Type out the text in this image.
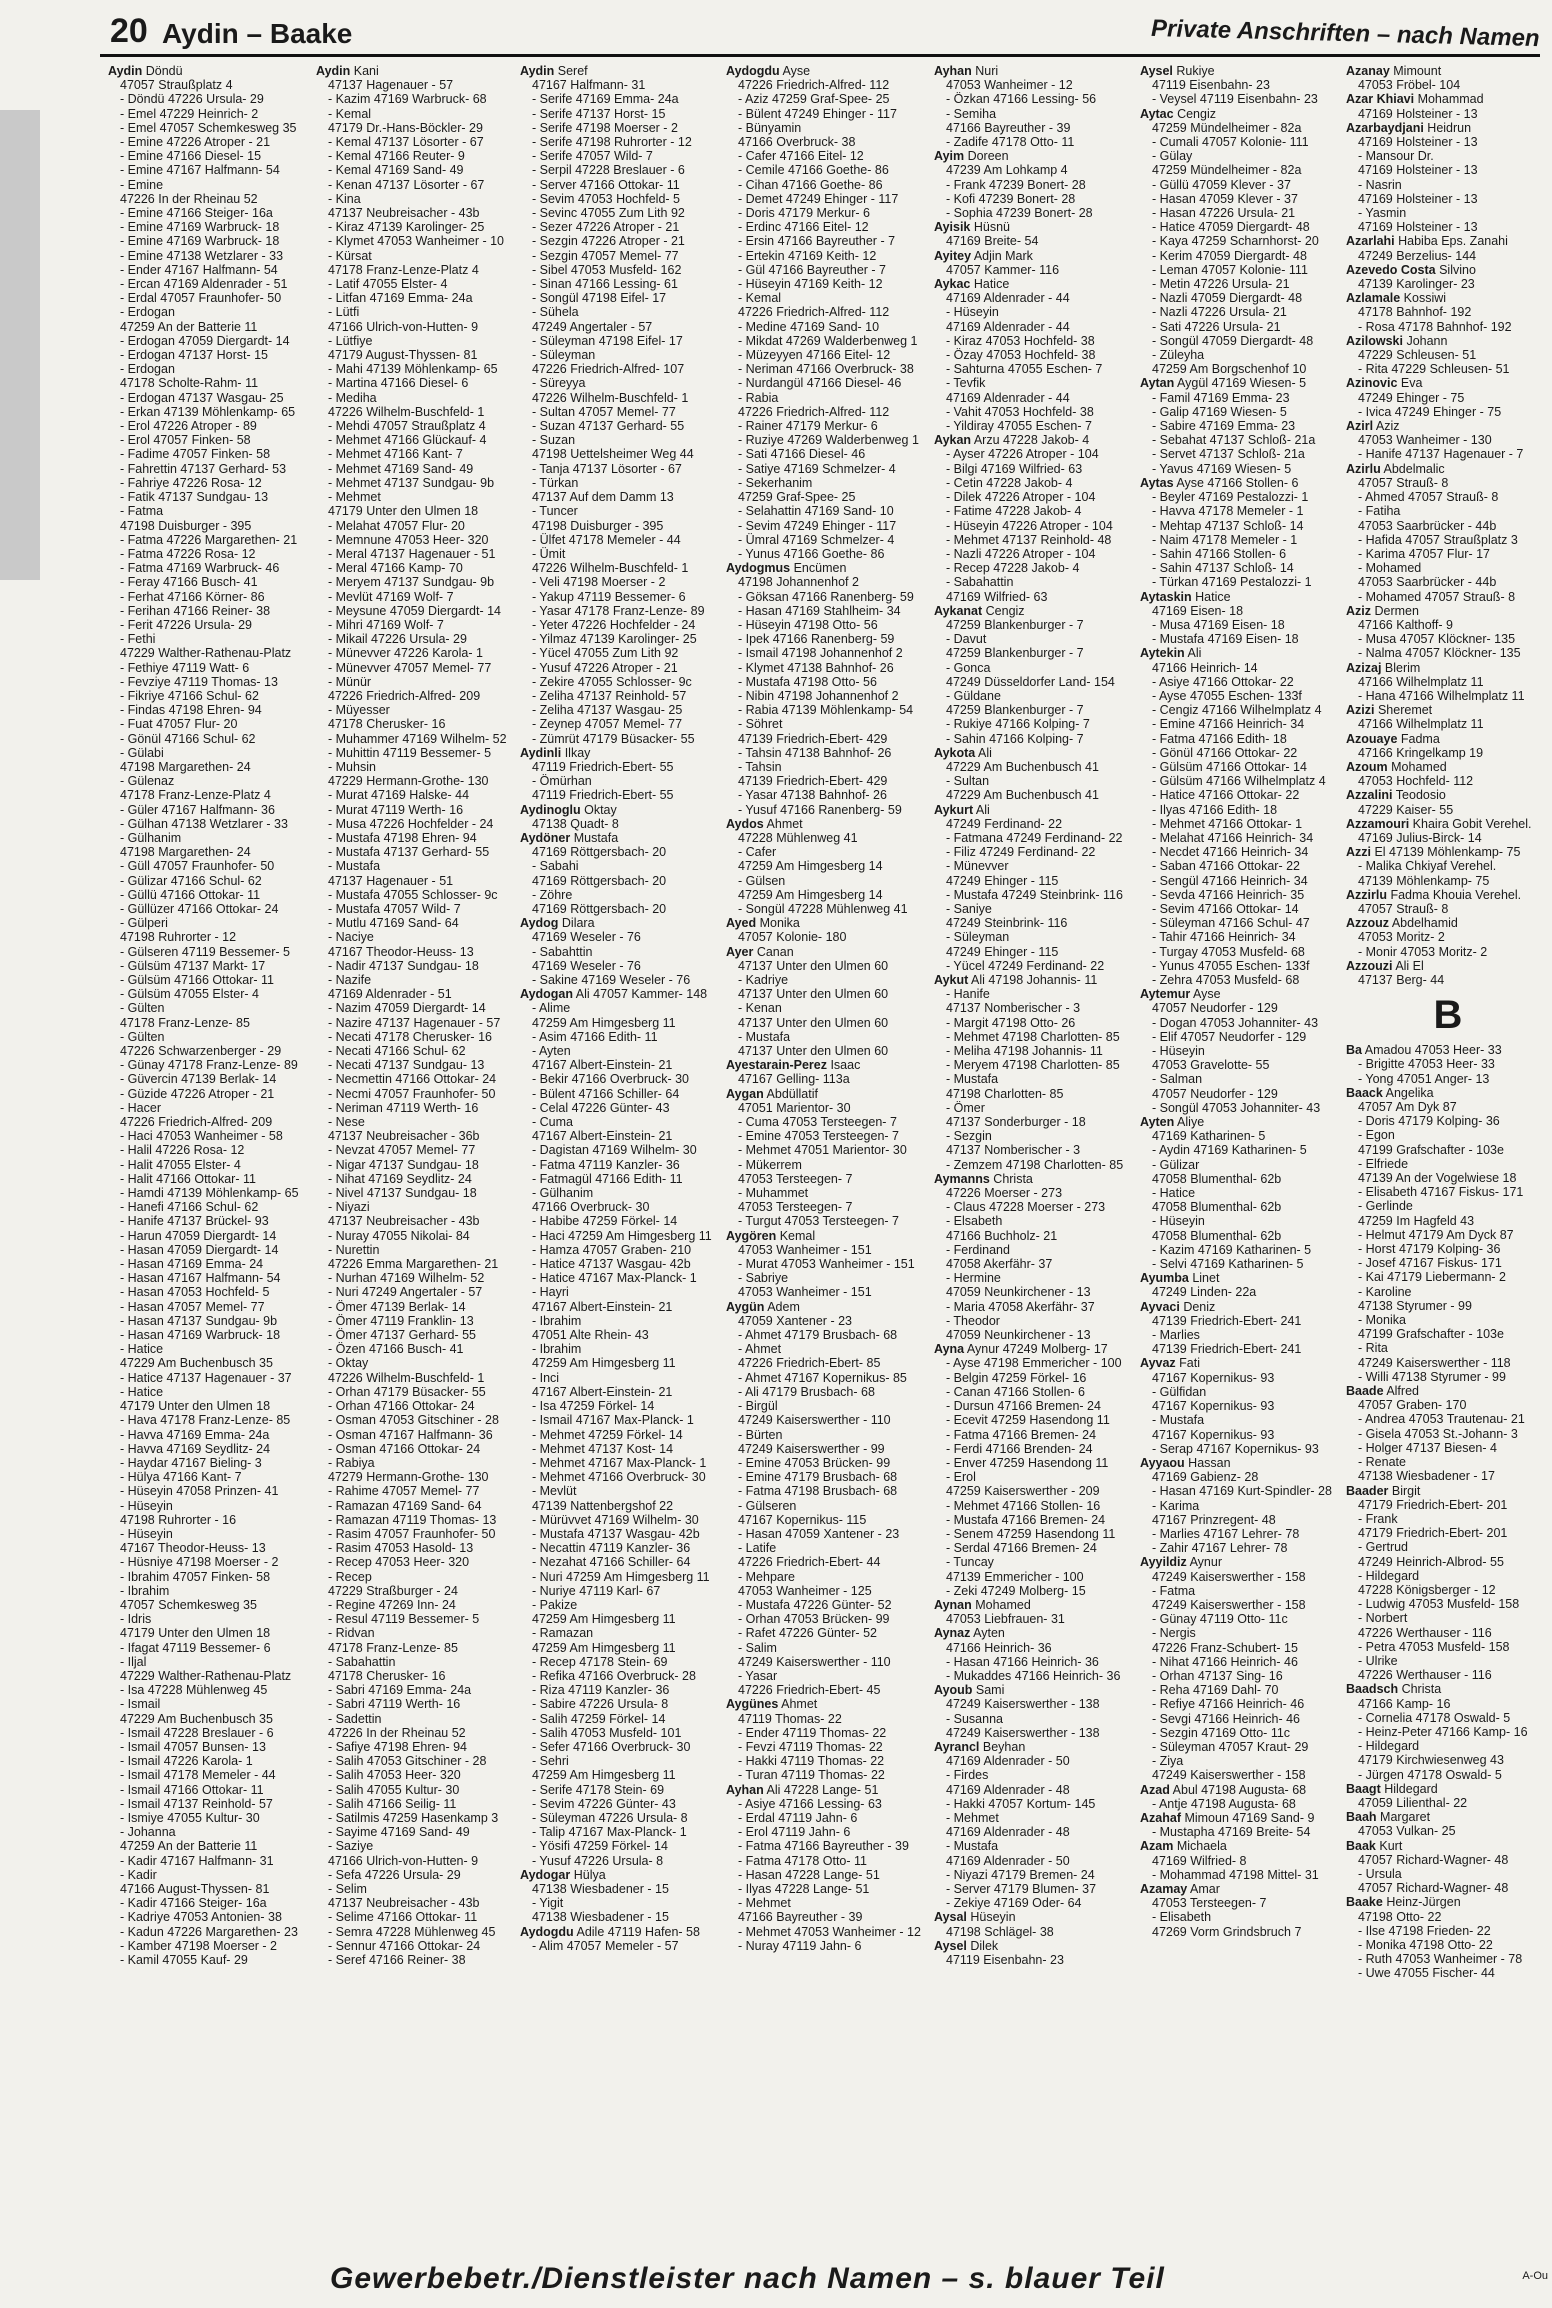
20 Aydin – Baake	Private Anschriften – nach Namen
Aydin Döndü
47057 Straußplatz 4
- Döndü 47226 Ursula- 29
- Emel 47229 Heinrich- 2
- Emel 47057 Schemkesweg 35
- Emine 47226 Atroper - 21
- Emine 47166 Diesel- 15
- Emine 47167 Halfmann- 54
- Emine
47226 In der Rheinau 52
- Emine 47166 Steiger- 16a
- Emine 47169 Warbruck- 18
- Emine 47169 Warbruck- 18
- Emine 47138 Wetzlarer - 33
- Ender 47167 Halfmann- 54
- Ercan 47169 Aldenrader - 51
- Erdal 47057 Fraunhofer- 50
- Erdogan
47259 An der Batterie 11
- Erdogan 47059 Diergardt- 14
- Erdogan 47137 Horst- 15
- Erdogan
47178 Scholte-Rahm- 11
- Erdogan 47137 Wasgau- 25
- Erkan 47139 Möhlenkamp- 65
- Erol 47226 Atroper - 89
- Erol 47057 Finken- 58
- Fadime 47057 Finken- 58
- Fahrettin 47137 Gerhard- 53
- Fahriye 47226 Rosa- 12
- Fatik 47137 Sundgau- 13
- Fatma
47198 Duisburger - 395
- Fatma 47226 Margarethen- 21
- Fatma 47226 Rosa- 12
- Fatma 47169 Warbruck- 46
- Feray 47166 Busch- 41
- Ferhat 47166 Körner- 86
- Ferihan 47166 Reiner- 38
- Ferit 47226 Ursula- 29
- Fethi
47229 Walther-Rathenau-Platz
- Fethiye 47119 Watt- 6
- Fevziye 47119 Thomas- 13
- Fikriye 47166 Schul- 62
- Findas 47198 Ehren- 94
- Fuat 47057 Flur- 20
- Gönül 47166 Schul- 62
- Gülabi
47198 Margarethen- 24
- Gülenaz
47178 Franz-Lenze-Platz 4
- Güler 47167 Halfmann- 36
- Gülhan 47138 Wetzlarer - 33
- Gülhanim
47198 Margarethen- 24
- Güll 47057 Fraunhofer- 50
- Gülizar 47166 Schul- 62
- Güllü 47166 Ottokar- 11
- Güllüzer 47166 Ottokar- 24
- Gülperi
47198 Ruhrorter - 12
- Gülseren 47119 Bessemer- 5
- Gülsüm 47137 Markt- 17
- Gülsüm 47166 Ottokar- 11
- Gülsüm 47055 Elster- 4
- Gülten
47178 Franz-Lenze- 85
- Gülten
47226 Schwarzenberger - 29
- Günay 47178 Franz-Lenze- 89
- Güvercin 47139 Berlak- 14
- Güzide 47226 Atroper - 21
- Hacer
47226 Friedrich-Alfred- 209
- Haci 47053 Wanheimer - 58
- Halil 47226 Rosa- 12
- Halit 47055 Elster- 4
- Halit 47166 Ottokar- 11
- Hamdi 47139 Möhlenkamp- 65
- Hanefi 47166 Schul- 62
- Hanife 47137 Brückel- 93
- Harun 47059 Diergardt- 14
- Hasan 47059 Diergardt- 14
- Hasan 47169 Emma- 24
- Hasan 47167 Halfmann- 54
- Hasan 47053 Hochfeld- 5
- Hasan 47057 Memel- 77
- Hasan 47137 Sundgau- 9b
- Hasan 47169 Warbruck- 18
- Hatice
47229 Am Buchenbusch 35
- Hatice 47137 Hagenauer - 37
- Hatice
47179 Unter den Ulmen 18
- Hava 47178 Franz-Lenze- 85
- Havva 47169 Emma- 24a
- Havva 47169 Seydlitz- 24
- Haydar 47167 Bieling- 3
- Hülya 47166 Kant- 7
- Hüseyin 47058 Prinzen- 41
- Hüseyin
47198 Ruhrorter - 16
- Hüseyin
47167 Theodor-Heuss- 13
- Hüsniye 47198 Moerser - 2
- Ibrahim 47057 Finken- 58
- Ibrahim
47057 Schemkesweg 35
- Idris
47179 Unter den Ulmen 18
- Ifagat 47119 Bessemer- 6
- Iljal
47229 Walther-Rathenau-Platz
- Isa 47228 Mühlenweg 45
- Ismail
47229 Am Buchenbusch 35
- Ismail 47228 Breslauer - 6
- Ismail 47057 Bunsen- 13
- Ismail 47226 Karola- 1
- Ismail 47178 Memeler - 44
- Ismail 47166 Ottokar- 11
- Ismail 47137 Reinhold- 57
- Ismiye 47055 Kultur- 30
- Johanna
47259 An der Batterie 11
- Kadir 47167 Halfmann- 31
- Kadir
47166 August-Thyssen- 81
- Kadir 47166 Steiger- 16a
- Kadriye 47053 Antonien- 38
- Kadun 47226 Margarethen- 23
- Kamber 47198 Moerser - 2
- Kamil 47055 Kauf- 29
Aydin Kani
47137 Hagenauer - 57
- Kazim 47169 Warbruck- 68
- Kemal
47179 Dr.-Hans-Böckler- 29
- Kemal 47137 Lösorter - 67
- Kemal 47166 Reuter- 9
- Kemal 47169 Sand- 49
- Kenan 47137 Lösorter - 67
- Kina
47137 Neubreisacher - 43b
- Kiraz 47139 Karolinger- 25
- Klymet 47053 Wanheimer - 10
- Kürsat
47178 Franz-Lenze-Platz 4
- Latif 47055 Elster- 4
- Litfan 47169 Emma- 24a
- Lütfi
47166 Ulrich-von-Hutten- 9
- Lütfiye
47179 August-Thyssen- 81
- Mahi 47139 Möhlenkamp- 65
- Martina 47166 Diesel- 6
- Mediha
47226 Wilhelm-Buschfeld- 1
- Mehdi 47057 Straußplatz 4
- Mehmet 47166 Glückauf- 4
- Mehmet 47166 Kant- 7
- Mehmet 47169 Sand- 49
- Mehmet 47137 Sundgau- 9b
- Mehmet
47179 Unter den Ulmen 18
- Melahat 47057 Flur- 20
- Memnune 47053 Heer- 320
- Meral 47137 Hagenauer - 51
- Meral 47166 Kamp- 70
- Meryem 47137 Sundgau- 9b
- Mevlüt 47169 Wolf- 7
- Meysune 47059 Diergardt- 14
- Mihri 47169 Wolf- 7
- Mikail 47226 Ursula- 29
- Münevver 47226 Karola- 1
- Münevver 47057 Memel- 77
- Münür
47226 Friedrich-Alfred- 209
- Müyesser
47178 Cherusker- 16
- Muhammer 47169 Wilhelm- 52
- Muhittin 47119 Bessemer- 5
- Muhsin
47229 Hermann-Grothe- 130
- Murat 47169 Halske- 44
- Murat 47119 Werth- 16
- Musa 47226 Hochfelder - 24
- Mustafa 47198 Ehren- 94
- Mustafa 47137 Gerhard- 55
- Mustafa
47137 Hagenauer - 51
- Mustafa 47055 Schlosser- 9c
- Mustafa 47057 Wild- 7
- Mutlu 47169 Sand- 64
- Naciye
47167 Theodor-Heuss- 13
- Nadir 47137 Sundgau- 18
- Nazife
47169 Aldenrader - 51
- Nazim 47059 Diergardt- 14
- Nazire 47137 Hagenauer - 57
- Necati 47178 Cherusker- 16
- Necati 47166 Schul- 62
- Necati 47137 Sundgau- 13
- Necmettin 47166 Ottokar- 24
- Necmi 47057 Fraunhofer- 50
- Neriman 47119 Werth- 16
- Nese
47137 Neubreisacher - 36b
- Nevzat 47057 Memel- 77
- Nigar 47137 Sundgau- 18
- Nihat 47169 Seydlitz- 24
- Nivel 47137 Sundgau- 18
- Niyazi
47137 Neubreisacher - 43b
- Nuray 47055 Nikolai- 84
- Nurettin
47226 Emma Margarethen- 21
- Nurhan 47169 Wilhelm- 52
- Nuri 47249 Angertaler - 57
- Ömer 47139 Berlak- 14
- Ömer 47119 Franklin- 13
- Ömer 47137 Gerhard- 55
- Özen 47166 Busch- 41
- Oktay
47226 Wilhelm-Buschfeld- 1
- Orhan 47179 Büsacker- 55
- Orhan 47166 Ottokar- 24
- Osman 47053 Gitschiner - 28
- Osman 47167 Halfmann- 36
- Osman 47166 Ottokar- 24
- Rabiya
47279 Hermann-Grothe- 130
- Rahime 47057 Memel- 77
- Ramazan 47169 Sand- 64
- Ramazan 47119 Thomas- 13
- Rasim 47057 Fraunhofer- 50
- Rasim 47053 Hasold- 13
- Recep 47053 Heer- 320
- Recep
47229 Straßburger - 24
- Regine 47269 Inn- 24
- Resul 47119 Bessemer- 5
- Ridvan
47178 Franz-Lenze- 85
- Sabahattin
47178 Cherusker- 16
- Sabri 47169 Emma- 24a
- Sabri 47119 Werth- 16
- Sadettin
47226 In der Rheinau 52
- Safiye 47198 Ehren- 94
- Salih 47053 Gitschiner - 28
- Salih 47053 Heer- 320
- Salih 47055 Kultur- 30
- Salih 47166 Seilig- 11
- Satilmis 47259 Hasenkamp 3
- Sayime 47169 Sand- 49
- Saziye
47166 Ulrich-von-Hutten- 9
- Sefa 47226 Ursula- 29
- Selim
47137 Neubreisacher - 43b
- Selime 47166 Ottokar- 11
- Semra 47228 Mühlenweg 45
- Sennur 47166 Ottokar- 24
- Seref 47166 Reiner- 38
Aydin Seref
47167 Halfmann- 31
- Serife 47169 Emma- 24a
- Serife 47137 Horst- 15
- Serife 47198 Moerser - 2
- Serife 47198 Ruhrorter - 12
- Serife 47057 Wild- 7
- Serpil 47228 Breslauer - 6
- Server 47166 Ottokar- 11
- Sevim 47053 Hochfeld- 5
- Sevinc 47055 Zum Lith 92
- Sezer 47226 Atroper - 21
- Sezgin 47226 Atroper - 21
- Sezgin 47057 Memel- 77
- Sibel 47053 Musfeld- 162
- Sinan 47166 Lessing- 61
- Songül 47198 Eifel- 17
- Sühela
47249 Angertaler - 57
- Süleyman 47198 Eifel- 17
- Süleyman
47226 Friedrich-Alfred- 107
- Süreyya
47226 Wilhelm-Buschfeld- 1
- Sultan 47057 Memel- 77
- Suzan 47137 Gerhard- 55
- Suzan
47198 Uettelsheimer Weg 44
- Tanja 47137 Lösorter - 67
- Türkan
47137 Auf dem Damm 13
- Tuncer
47198 Duisburger - 395
- Ülfet 47178 Memeler - 44
- Ümit
47226 Wilhelm-Buschfeld- 1
- Veli 47198 Moerser - 2
- Yakup 47119 Bessemer- 6
- Yasar 47178 Franz-Lenze- 89
- Yeter 47226 Hochfelder - 24
- Yilmaz 47139 Karolinger- 25
- Yücel 47055 Zum Lith 92
- Yusuf 47226 Atroper - 21
- Zekire 47055 Schlosser- 9c
- Zeliha 47137 Reinhold- 57
- Zeliha 47137 Wasgau- 25
- Zeynep 47057 Memel- 77
- Zümrüt 47179 Büsacker- 55
Aydinli Ilkay
47119 Friedrich-Ebert- 55
- Ömürhan
47119 Friedrich-Ebert- 55
Aydinoglu Oktay
47138 Quadt- 8
Aydöner Mustafa
47169 Röttgersbach- 20
- Sabahi
47169 Röttgersbach- 20
- Zöhre
47169 Röttgersbach- 20
Aydog Dilara
47169 Weseler - 76
- Sabahttin
47169 Weseler - 76
- Sakine 47169 Weseler - 76
Aydogan Ali 47057 Kammer- 148
- Alime
47259 Am Himgesberg 11
- Asim 47166 Edith- 11
- Ayten
47167 Albert-Einstein- 21
- Bekir 47166 Overbruck- 30
- Bülent 47166 Schiller- 64
- Celal 47226 Günter- 43
- Cuma
47167 Albert-Einstein- 21
- Dagistan 47169 Wilhelm- 30
- Fatma 47119 Kanzler- 36
- Fatmagül 47166 Edith- 11
- Gülhanim
47166 Overbruck- 30
- Habibe 47259 Förkel- 14
- Haci 47259 Am Himgesberg 11
- Hamza 47057 Graben- 210
- Hatice 47137 Wasgau- 42b
- Hatice 47167 Max-Planck- 1
- Hayri
47167 Albert-Einstein- 21
- Ibrahim
47051 Alte Rhein- 43
- Ibrahim
47259 Am Himgesberg 11
- Inci
47167 Albert-Einstein- 21
- Isa 47259 Förkel- 14
- Ismail 47167 Max-Planck- 1
- Mehmet 47259 Förkel- 14
- Mehmet 47137 Kost- 14
- Mehmet 47167 Max-Planck- 1
- Mehmet 47166 Overbruck- 30
- Mevlüt
47139 Nattenbergshof 22
- Mürüvvet 47169 Wilhelm- 30
- Mustafa 47137 Wasgau- 42b
- Necattin 47119 Kanzler- 36
- Nezahat 47166 Schiller- 64
- Nuri 47259 Am Himgesberg 11
- Nuriye 47119 Karl- 67
- Pakize
47259 Am Himgesberg 11
- Ramazan
47259 Am Himgesberg 11
- Recep 47178 Stein- 69
- Refika 47166 Overbruck- 28
- Riza 47119 Kanzler- 36
- Sabire 47226 Ursula- 8
- Salih 47259 Förkel- 14
- Salih 47053 Musfeld- 101
- Sefer 47166 Overbruck- 30
- Sehri
47259 Am Himgesberg 11
- Serife 47178 Stein- 69
- Sevim 47226 Günter- 43
- Süleyman 47226 Ursula- 8
- Talip 47167 Max-Planck- 1
- Yösifi 47259 Förkel- 14
- Yusuf 47226 Ursula- 8
Aydogar Hülya
47138 Wiesbadener - 15
- Yigit
47138 Wiesbadener - 15
Aydogdu Adile 47119 Hafen- 58
- Alim 47057 Memeler - 57
Aydogdu Ayse
47226 Friedrich-Alfred- 112
- Aziz 47259 Graf-Spee- 25
- Bülent 47249 Ehinger - 117
- Bünyamin
47166 Overbruck- 38
- Cafer 47166 Eitel- 12
- Cemile 47166 Goethe- 86
- Cihan 47166 Goethe- 86
- Demet 47249 Ehinger - 117
- Doris 47179 Merkur- 6
- Erdinc 47166 Eitel- 12
- Ersin 47166 Bayreuther - 7
- Ertekin 47169 Keith- 12
- Gül 47166 Bayreuther - 7
- Hüseyin 47169 Keith- 12
- Kemal
47226 Friedrich-Alfred- 112
- Medine 47169 Sand- 10
- Mikdat 47269 Walderbenweg 1
- Müzeyyen 47166 Eitel- 12
- Neriman 47166 Overbruck- 38
- Nurdangül 47166 Diesel- 46
- Rabia
47226 Friedrich-Alfred- 112
- Rainer 47179 Merkur- 6
- Ruziye 47269 Walderbenweg 1
- Sati 47166 Diesel- 46
- Satiye 47169 Schmelzer- 4
- Sekerhanim
47259 Graf-Spee- 25
- Selahattin 47169 Sand- 10
- Sevim 47249 Ehinger - 117
- Ümral 47169 Schmelzer- 4
- Yunus 47166 Goethe- 86
Aydogmus Encümen
47198 Johannenhof 2
- Göksan 47166 Ranenberg- 59
- Hasan 47169 Stahlheim- 34
- Hüseyin 47198 Otto- 56
- Ipek 47166 Ranenberg- 59
- Ismail 47198 Johannenhof 2
- Klymet 47138 Bahnhof- 26
- Mustafa 47198 Otto- 56
- Nibin 47198 Johannenhof 2
- Rabia 47139 Möhlenkamp- 54
- Söhret
47139 Friedrich-Ebert- 429
- Tahsin 47138 Bahnhof- 26
- Tahsin
47139 Friedrich-Ebert- 429
- Yasar 47138 Bahnhof- 26
- Yusuf 47166 Ranenberg- 59
Aydos Ahmet
47228 Mühlenweg 41
- Cafer
47259 Am Himgesberg 14
- Gülsen
47259 Am Himgesberg 14
- Songül 47228 Mühlenweg 41
Ayed Monika
47057 Kolonie- 180
Ayer Canan
47137 Unter den Ulmen 60
- Kadriye
47137 Unter den Ulmen 60
- Kenan
47137 Unter den Ulmen 60
- Mustafa
47137 Unter den Ulmen 60
Ayestarain-Perez Isaac
47167 Gelling- 113a
Aygan Abdüllatif
47051 Marientor- 30
- Cuma 47053 Tersteegen- 7
- Emine 47053 Tersteegen- 7
- Mehmet 47051 Marientor- 30
- Mükerrem
47053 Tersteegen- 7
- Muhammet
47053 Tersteegen- 7
- Turgut 47053 Tersteegen- 7
Aygören Kemal
47053 Wanheimer - 151
- Murat 47053 Wanheimer - 151
- Sabriye
47053 Wanheimer - 151
Aygün Adem
47059 Xantener - 23
- Ahmet 47179 Brusbach- 68
- Ahmet
47226 Friedrich-Ebert- 85
- Ahmet 47167 Kopernikus- 85
- Ali 47179 Brusbach- 68
- Birgül
47249 Kaiserswerther - 110
- Bürten
47249 Kaiserswerther - 99
- Emine 47053 Brücken- 99
- Emine 47179 Brusbach- 68
- Fatma 47198 Brusbach- 68
- Gülseren
47167 Kopernikus- 115
- Hasan 47059 Xantener - 23
- Latife
47226 Friedrich-Ebert- 44
- Mehpare
47053 Wanheimer - 125
- Mustafa 47226 Günter- 52
- Orhan 47053 Brücken- 99
- Rafet 47226 Günter- 52
- Salim
47249 Kaiserswerther - 110
- Yasar
47226 Friedrich-Ebert- 45
Aygünes Ahmet
47119 Thomas- 22
- Ender 47119 Thomas- 22
- Fevzi 47119 Thomas- 22
- Hakki 47119 Thomas- 22
- Turan 47119 Thomas- 22
Ayhan Ali 47228 Lange- 51
- Asiye 47166 Lessing- 63
- Erdal 47119 Jahn- 6
- Erol 47119 Jahn- 6
- Fatma 47166 Bayreuther - 39
- Fatma 47178 Otto- 11
- Hasan 47228 Lange- 51
- Ilyas 47228 Lange- 51
- Mehmet
47166 Bayreuther - 39
- Mehmet 47053 Wanheimer - 12
- Nuray 47119 Jahn- 6
Ayhan Nuri
47053 Wanheimer - 12
- Özkan 47166 Lessing- 56
- Semiha
47166 Bayreuther - 39
- Zadife 47178 Otto- 11
Ayim Doreen
47239 Am Lohkamp 4
- Frank 47239 Bonert- 28
- Kofi 47239 Bonert- 28
- Sophia 47239 Bonert- 28
Ayisik Hüsnü
47169 Breite- 54
Ayitey Adjin Mark
47057 Kammer- 116
Aykac Hatice
47169 Aldenrader - 44
- Hüseyin
47169 Aldenrader - 44
- Kiraz 47053 Hochfeld- 38
- Özay 47053 Hochfeld- 38
- Sahturna 47055 Eschen- 7
- Tevfik
47169 Aldenrader - 44
- Vahit 47053 Hochfeld- 38
- Yildiray 47055 Eschen- 7
Aykan Arzu 47228 Jakob- 4
- Ayser 47226 Atroper - 104
- Bilgi 47169 Wilfried- 63
- Cetin 47228 Jakob- 4
- Dilek 47226 Atroper - 104
- Fatime 47228 Jakob- 4
- Hüseyin 47226 Atroper - 104
- Mehmet 47137 Reinhold- 48
- Nazli 47226 Atroper - 104
- Recep 47228 Jakob- 4
- Sabahattin
47169 Wilfried- 63
Aykanat Cengiz
47259 Blankenburger - 7
- Davut
47259 Blankenburger - 7
- Gonca
47249 Düsseldorfer Land- 154
- Güldane
47259 Blankenburger - 7
- Rukiye 47166 Kolping- 7
- Sahin 47166 Kolping- 7
Aykota Ali
47229 Am Buchenbusch 41
- Sultan
47229 Am Buchenbusch 41
Aykurt Ali
47249 Ferdinand- 22
- Fatmana 47249 Ferdinand- 22
- Filiz 47249 Ferdinand- 22
- Münevver
47249 Ehinger - 115
- Mustafa 47249 Steinbrink- 116
- Saniye
47249 Steinbrink- 116
- Süleyman
47249 Ehinger - 115
- Yücel 47249 Ferdinand- 22
Aykut Ali 47198 Johannis- 11
- Hanife
47137 Nomberischer - 3
- Margit 47198 Otto- 26
- Mehmet 47198 Charlotten- 85
- Meliha 47198 Johannis- 11
- Meryem 47198 Charlotten- 85
- Mustafa
47198 Charlotten- 85
- Ömer
47137 Sonderburger - 18
- Sezgin
47137 Nomberischer - 3
- Zemzem 47198 Charlotten- 85
Aymanns Christa
47226 Moerser - 273
- Claus 47228 Moerser - 273
- Elsabeth
47166 Buchholz- 21
- Ferdinand
47058 Akerfähr- 37
- Hermine
47059 Neunkirchener - 13
- Maria 47058 Akerfähr- 37
- Theodor
47059 Neunkirchener - 13
Ayna Aynur 47249 Molberg- 17
- Ayse 47198 Emmericher - 100
- Belgin 47259 Förkel- 16
- Canan 47166 Stollen- 6
- Dursun 47166 Bremen- 24
- Ecevit 47259 Hasendong 11
- Fatma 47166 Bremen- 24
- Ferdi 47166 Brenden- 24
- Enver 47259 Hasendong 11
- Erol
47259 Kaiserswerther - 209
- Mehmet 47166 Stollen- 16
- Mustafa 47166 Bremen- 24
- Senem 47259 Hasendong 11
- Serdal 47166 Bremen- 24
- Tuncay
47139 Emmericher - 100
- Zeki 47249 Molberg- 15
Aynan Mohamed
47053 Liebfrauen- 31
Aynaz Ayten
47166 Heinrich- 36
- Hasan 47166 Heinrich- 36
- Mukaddes 47166 Heinrich- 36
Ayoub Sami
47249 Kaiserswerther - 138
- Susanna
47249 Kaiserswerther - 138
Ayrancl Beyhan
47169 Aldenrader - 50
- Firdes
47169 Aldenrader - 48
- Hakki 47057 Kortum- 145
- Mehmet
47169 Aldenrader - 48
- Mustafa
47169 Aldenrader - 50
- Niyazi 47179 Bremen- 24
- Server 47179 Blumen- 37
- Zekiye 47169 Oder- 64
Aysal Hüseyin
47198 Schlägel- 38
Aysel Dilek
47119 Eisenbahn- 23
Aysel Rukiye
47119 Eisenbahn- 23
- Veysel 47119 Eisenbahn- 23
Aytac Cengiz
47259 Mündelheimer - 82a
- Cumali 47057 Kolonie- 111
- Gülay
47259 Mündelheimer - 82a
- Güllü 47059 Klever - 37
- Hasan 47059 Klever - 37
- Hasan 47226 Ursula- 21
- Hatice 47059 Diergardt- 48
- Kaya 47259 Scharnhorst- 20
- Kerim 47059 Diergardt- 48
- Leman 47057 Kolonie- 111
- Metin 47226 Ursula- 21
- Nazli 47059 Diergardt- 48
- Nazli 47226 Ursula- 21
- Sati 47226 Ursula- 21
- Songül 47059 Diergardt- 48
- Züleyha
47259 Am Borgschenhof 10
Aytan Aygül 47169 Wiesen- 5
- Famil 47169 Emma- 23
- Galip 47169 Wiesen- 5
- Sabire 47169 Emma- 23
- Sebahat 47137 Schloß- 21a
- Servet 47137 Schloß- 21a
- Yavus 47169 Wiesen- 5
Aytas Ayse 47166 Stollen- 6
- Beyler 47169 Pestalozzi- 1
- Havva 47178 Memeler - 1
- Mehtap 47137 Schloß- 14
- Naim 47178 Memeler - 1
- Sahin 47166 Stollen- 6
- Sahin 47137 Schloß- 14
- Türkan 47169 Pestalozzi- 1
Aytaskin Hatice
47169 Eisen- 18
- Musa 47169 Eisen- 18
- Mustafa 47169 Eisen- 18
Aytekin Ali
47166 Heinrich- 14
- Asiye 47166 Ottokar- 22
- Ayse 47055 Eschen- 133f
- Cengiz 47166 Wilhelmplatz 4
- Emine 47166 Heinrich- 34
- Fatma 47166 Edith- 18
- Gönül 47166 Ottokar- 22
- Gülsüm 47166 Ottokar- 14
- Gülsüm 47166 Wilhelmplatz 4
- Hatice 47166 Ottokar- 22
- Ilyas 47166 Edith- 18
- Mehmet 47166 Ottokar- 1
- Melahat 47166 Heinrich- 34
- Necdet 47166 Heinrich- 34
- Saban 47166 Ottokar- 22
- Sengül 47166 Heinrich- 34
- Sevda 47166 Heinrich- 35
- Sevim 47166 Ottokar- 14
- Süleyman 47166 Schul- 47
- Tahir 47166 Heinrich- 34
- Turgay 47053 Musfeld- 68
- Yunus 47055 Eschen- 133f
- Zehra 47053 Musfeld- 68
Aytemur Ayse
47057 Neudorfer - 129
- Dogan 47053 Johanniter- 43
- Elif 47057 Neudorfer - 129
- Hüseyin
47053 Gravelotte- 55
- Salman
47057 Neudorfer - 129
- Songül 47053 Johanniter- 43
Ayten Aliye
47169 Katharinen- 5
- Aydin 47169 Katharinen- 5
- Gülizar
47058 Blumenthal- 62b
- Hatice
47058 Blumenthal- 62b
- Hüseyin
47058 Blumenthal- 62b
- Kazim 47169 Katharinen- 5
- Selvi 47169 Katharinen- 5
Ayumba Linet
47249 Linden- 22a
Ayvaci Deniz
47139 Friedrich-Ebert- 241
- Marlies
47139 Friedrich-Ebert- 241
Ayvaz Fati
47167 Kopernikus- 93
- Gülfidan
47167 Kopernikus- 93
- Mustafa
47167 Kopernikus- 93
- Serap 47167 Kopernikus- 93
Ayyaou Hassan
47169 Gabienz- 28
- Hasan 47169 Kurt-Spindler- 28
- Karima
47167 Prinzregent- 48
- Marlies 47167 Lehrer- 78
- Zahir 47167 Lehrer- 78
Ayyildiz Aynur
47249 Kaiserswerther - 158
- Fatma
47249 Kaiserswerther - 158
- Günay 47119 Otto- 11c
- Nergis
47226 Franz-Schubert- 15
- Nihat 47166 Heinrich- 46
- Orhan 47137 Sing- 16
- Reha 47169 Dahl- 70
- Refiye 47166 Heinrich- 46
- Sevgi 47166 Heinrich- 46
- Sezgin 47169 Otto- 11c
- Süleyman 47057 Kraut- 29
- Ziya
47249 Kaiserswerther - 158
Azad Abul 47198 Augusta- 68
- Antje 47198 Augusta- 68
Azahaf Mimoun 47169 Sand- 9
- Mustapha 47169 Breite- 54
Azam Michaela
47169 Wilfried- 8
- Mohammad 47198 Mittel- 31
Azamay Amar
47053 Tersteegen- 7
- Elisabeth
47269 Vorm Grindsbruch 7
Azanay Mimount
47053 Fröbel- 104
Azar Khiavi Mohammad
47169 Holsteiner - 13
Azarbaydjani Heidrun
47169 Holsteiner - 13
- Mansour Dr.
47169 Holsteiner - 13
- Nasrin
47169 Holsteiner - 13
- Yasmin
47169 Holsteiner - 13
Azarlahi Habiba Eps. Zanahi
47249 Berzelius- 144
Azevedo Costa Silvino
47139 Karolinger- 23
Azlamale Kossiwi
47178 Bahnhof- 192
- Rosa 47178 Bahnhof- 192
Azilowski Johann
47229 Schleusen- 51
- Rita 47229 Schleusen- 51
Azinovic Eva
47249 Ehinger - 75
- Ivica 47249 Ehinger - 75
Azirl Aziz
47053 Wanheimer - 130
- Hanife 47137 Hagenauer - 7
Azirlu Abdelmalic
47057 Strauß- 8
- Ahmed 47057 Strauß- 8
- Fatiha
47053 Saarbrücker - 44b
- Hafida 47057 Straußplatz 3
- Karima 47057 Flur- 17
- Mohamed
47053 Saarbrücker - 44b
- Mohamed 47057 Strauß- 8
Aziz Dermen
47166 Kalthoff- 9
- Musa 47057 Klöckner- 135
- Nalma 47057 Klöckner- 135
Azizaj Blerim
47166 Wilhelmplatz 11
- Hana 47166 Wilhelmplatz 11
Azizi Sheremet
47166 Wilhelmplatz 11
Azouaye Fadma
47166 Kringelkamp 19
Azoum Mohamed
47053 Hochfeld- 112
Azzalini Teodosio
47229 Kaiser- 55
Azzamouri Khaira Gobit Verehel.
47169 Julius-Birck- 14
Azzi El 47139 Möhlenkamp- 75
- Malika Chkiyaf Verehel.
47139 Möhlenkamp- 75
Azzirlu Fadma Khouia Verehel.
47057 Strauß- 8
Azzouz Abdelhamid
47053 Moritz- 2
- Monir 47053 Moritz- 2
Azzouzi Ali El
47137 Berg- 44
B
Ba Amadou 47053 Heer- 33
- Brigitte 47053 Heer- 33
- Yong 47051 Anger- 13
Baack Angelika
47057 Am Dyk 87
- Doris 47179 Kolping- 36
- Egon
47199 Grafschafter - 103e
- Elfriede
47139 An der Vogelwiese 18
- Elisabeth 47167 Fiskus- 171
- Gerlinde
47259 Im Hagfeld 43
- Helmut 47179 Am Dyck 87
- Horst 47179 Kolping- 36
- Josef 47167 Fiskus- 171
- Kai 47179 Liebermann- 2
- Karoline
47138 Styrumer - 99
- Monika
47199 Grafschafter - 103e
- Rita
47249 Kaiserswerther - 118
- Willi 47138 Styrumer - 99
Baade Alfred
47057 Graben- 170
- Andrea 47053 Trautenau- 21
- Gisela 47053 St.-Johann- 3
- Holger 47137 Biesen- 4
- Renate
47138 Wiesbadener - 17
Baader Birgit
47179 Friedrich-Ebert- 201
- Frank
47179 Friedrich-Ebert- 201
- Gertrud
47249 Heinrich-Albrod- 55
- Hildegard
47228 Königsberger - 12
- Ludwig 47053 Musfeld- 158
- Norbert
47226 Werthauser - 116
- Petra 47053 Musfeld- 158
- Ulrike
47226 Werthauser - 116
Baadsch Christa
47166 Kamp- 16
- Cornelia 47178 Oswald- 5
- Heinz-Peter 47166 Kamp- 16
- Hildegard
47179 Kirchwiesenweg 43
- Jürgen 47178 Oswald- 5
Baagt Hildegard
47059 Lilienthal- 22
Baah Margaret
47053 Vulkan- 25
Baak Kurt
47057 Richard-Wagner- 48
- Ursula
47057 Richard-Wagner- 48
Baake Heinz-Jürgen
47198 Otto- 22
- Ilse 47198 Frieden- 22
- Monika 47198 Otto- 22
- Ruth 47053 Wanheimer - 78
- Uwe 47055 Fischer- 44
Gewerbebetr./Dienstleister nach Namen – s. blauer Teil	A-Ou
